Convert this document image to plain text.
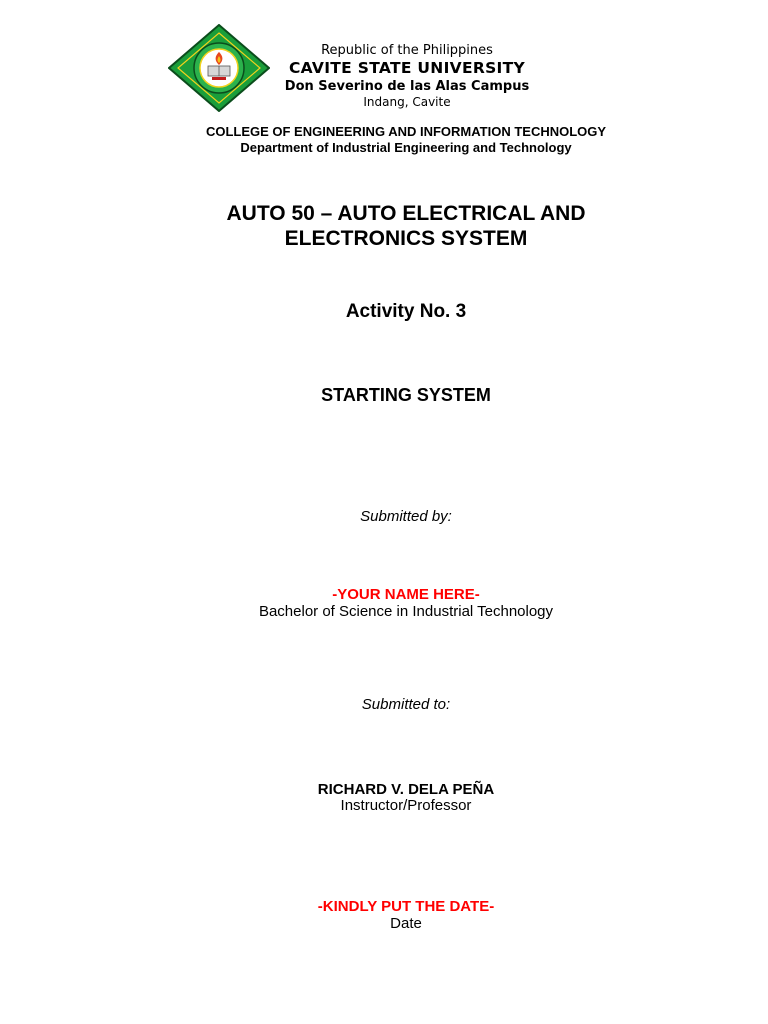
Republic of the Philippines
CAVITE STATE UNIVERSITY
Don Severino de las Alas Campus
Indang, Cavite
COLLEGE OF ENGINEERING AND INFORMATION TECHNOLOGY
Department of Industrial Engineering and Technology
AUTO 50 – AUTO ELECTRICAL AND
ELECTRONICS SYSTEM
Activity No. 3
STARTING SYSTEM
Submitted by:
-YOUR NAME HERE-
Bachelor of Science in Industrial Technology
Submitted to:
RICHARD V. DELA PEÑA
Instructor/Professor
-KINDLY PUT THE DATE-
Date
